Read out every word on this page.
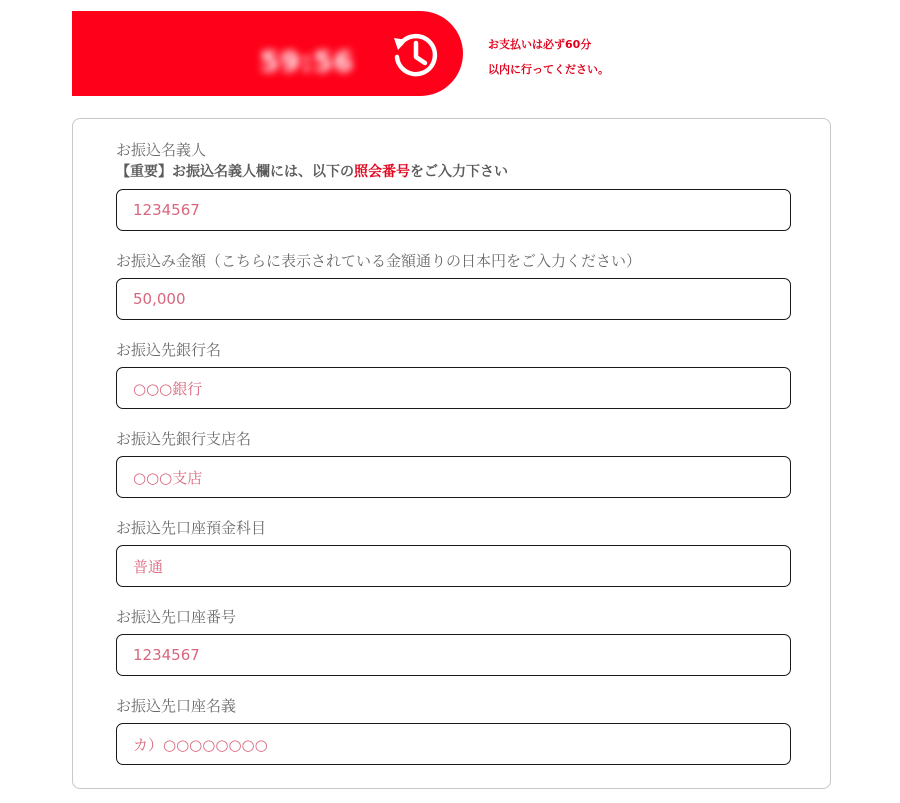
59:56	お支払いは必ず60分
以内に行ってください。
お振込名義人
【重要】お振込名義人欄には、以下の照会番号をご入力下さい
1234567
お振込み金額（こちらに表示されている金額通りの日本円をご入力ください）
50,000
お振込先銀行名
○○○銀行
お振込先銀行支店名
○○○支店
お振込先口座預金科目
普通
お振込先口座番号
1234567
お振込先口座名義
カ）○○○○○○○○
